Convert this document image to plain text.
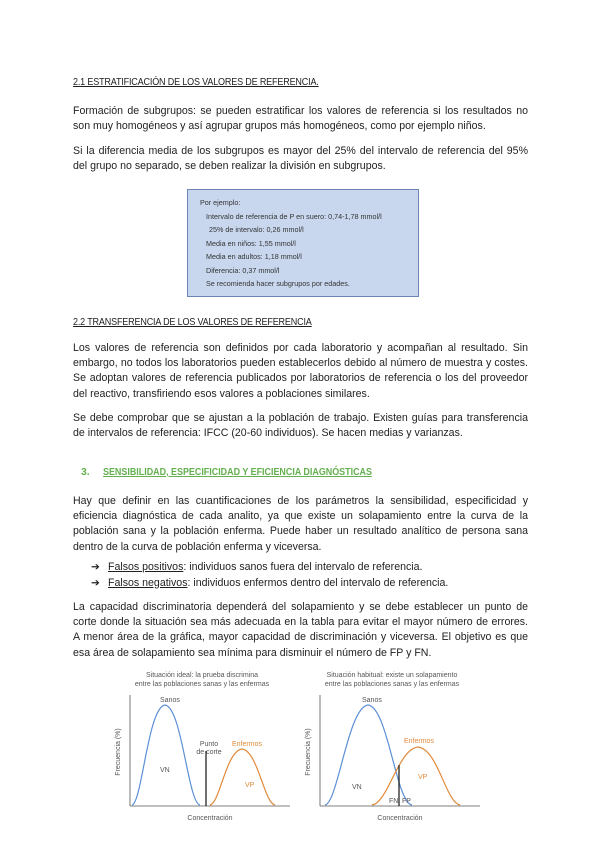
2.1 ESTRATIFICACIÓN DE LOS VALORES DE REFERENCIA.

Formación de subgrupos: se pueden estratificar los valores de referencia si los resultados no son muy homogéneos y así agrupar grupos más homogéneos, como por ejemplo niños.

Si la diferencia media de los subgrupos es mayor del 25% del intervalo de referencia del 95% del grupo no separado, se deben realizar la división en subgrupos.

Por ejemplo:
Intervalo de referencia de P en suero: 0,74-1,78 mmol/l
25% de intervalo: 0,26 mmol/l
Media en niños: 1,55 mmol/l
Media en adultos: 1,18 mmol/l
Diferencia: 0,37 mmol/l
Se recomienda hacer subgrupos por edades.
2.2 TRANSFERENCIA DE LOS VALORES DE REFERENCIA

Los valores de referencia son definidos por cada laboratorio y acompañan al resultado. Sin embargo, no todos los laboratorios pueden establecerlos debido al número de muestra y costes. Se adoptan valores de referencia publicados por laboratorios de referencia o los del proveedor del reactivo, transfiriendo esos valores a poblaciones similares.

Se debe comprobar que se ajustan a la población de trabajo. Existen guías para transferencia de intervalos de referencia: IFCC (20-60 individuos). Se hacen medias y varianzas.

3. SENSIBILIDAD, ESPECIFICIDAD Y EFICIENCIA DIAGNÓSTICAS

Hay que definir en las cuantificaciones de los parámetros la sensibilidad, especificidad y eficiencia diagnóstica de cada analito, ya que existe un solapamiento entre la curva de la población sana y la población enferma. Puede haber un resultado analítico de persona sana dentro de la curva de población enferma y viceversa.

➔ Falsos positivos: individuos sanos fuera del intervalo de referencia.
➔ Falsos negativos: individuos enfermos dentro del intervalo de referencia.

La capacidad discriminatoria dependerá del solapamiento y se debe establecer un punto de corte donde la situación sea más adecuada en la tabla para evitar el mayor número de errores. A menor área de la gráfica, mayor capacidad de discriminación y viceversa. El objetivo es que esa área de solapamiento sea mínima para disminuir el número de FP y FN.

Situación ideal: la prueba discrimina
entre las poblaciones sanas y las enfermas
Frecuencia (%)
Concentración
Sanos
VN
Punto
de corte
Enfermos
VP
Situación habitual: existe un solapamiento
entre las poblaciones sanas y las enfermas
Frecuencia (%)
Concentración
Sanos
VN
Enfermos
VP
FN FP
